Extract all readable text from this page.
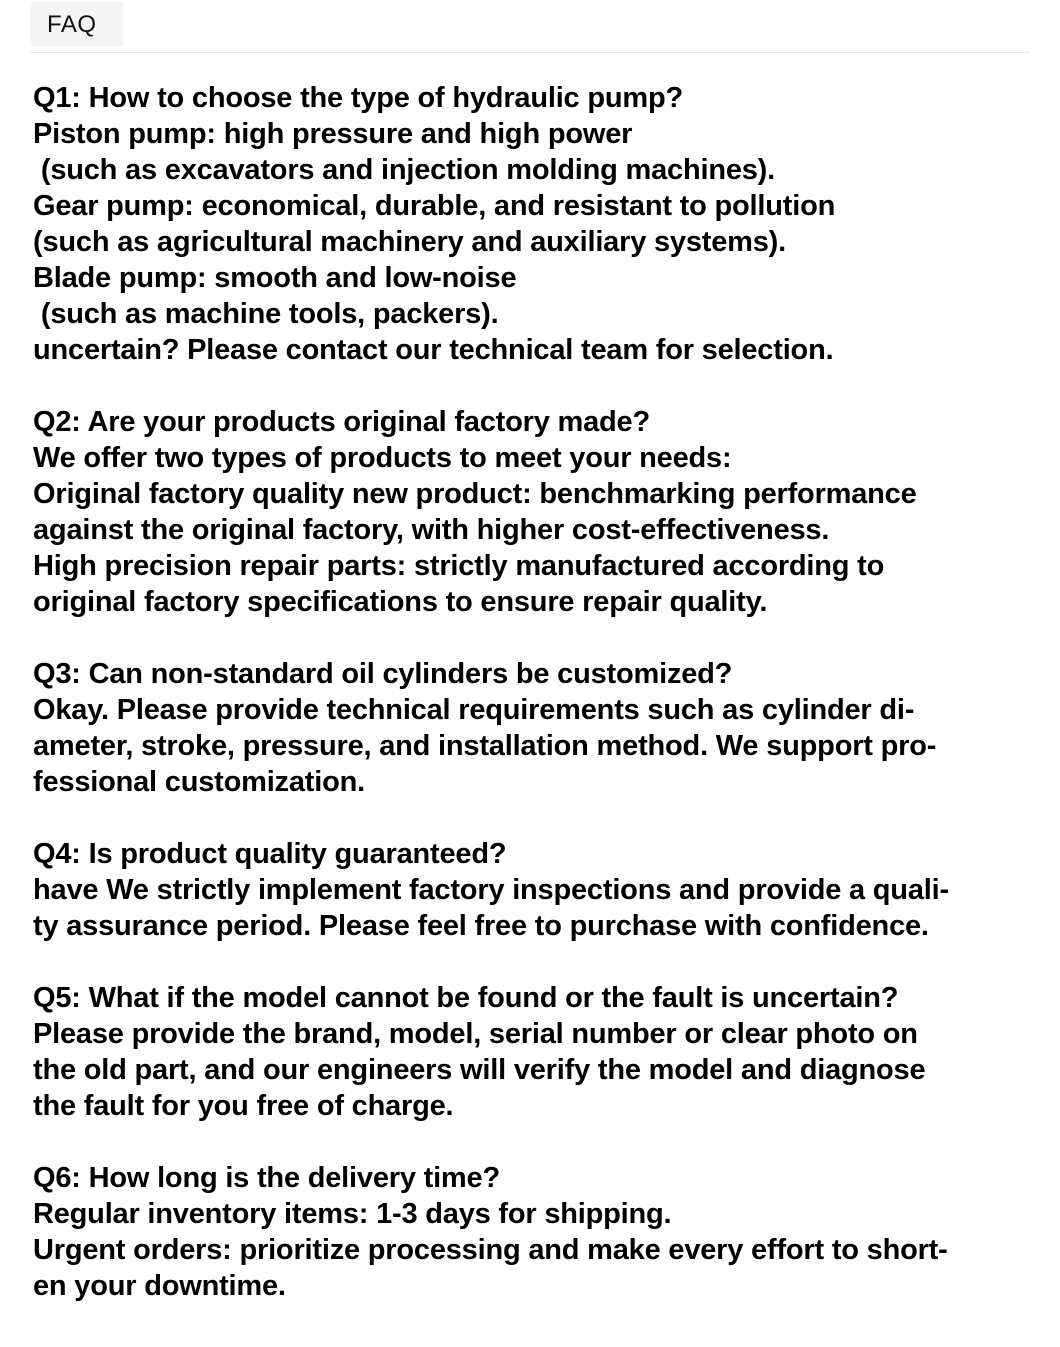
FAQ
Q1: How to choose the type of hydraulic pump?
Piston pump: high pressure and high power
(such as excavators and injection molding machines).
Gear pump: economical, durable, and resistant to pollution
(such as agricultural machinery and auxiliary systems).
Blade pump: smooth and low-noise
(such as machine tools, packers).
uncertain? Please contact our technical team for selection.
Q2: Are your products original factory made?
We offer two types of products to meet your needs:
Original factory quality new product: benchmarking performance
against the original factory, with higher cost-effectiveness.
High precision repair parts: strictly manufactured according to
original factory specifications to ensure repair quality.
Q3: Can non-standard oil cylinders be customized?
Okay. Please provide technical requirements such as cylinder di-
ameter, stroke, pressure, and installation method. We support pro-
fessional customization.
Q4: Is product quality guaranteed?
have We strictly implement factory inspections and provide a quali-
ty assurance period. Please feel free to purchase with confidence.
Q5: What if the model cannot be found or the fault is uncertain?
Please provide the brand, model, serial number or clear photo on
the old part, and our engineers will verify the model and diagnose
the fault for you free of charge.
Q6: How long is the delivery time?
Regular inventory items: 1-3 days for shipping.
Urgent orders: prioritize processing and make every effort to short-
en your downtime.
